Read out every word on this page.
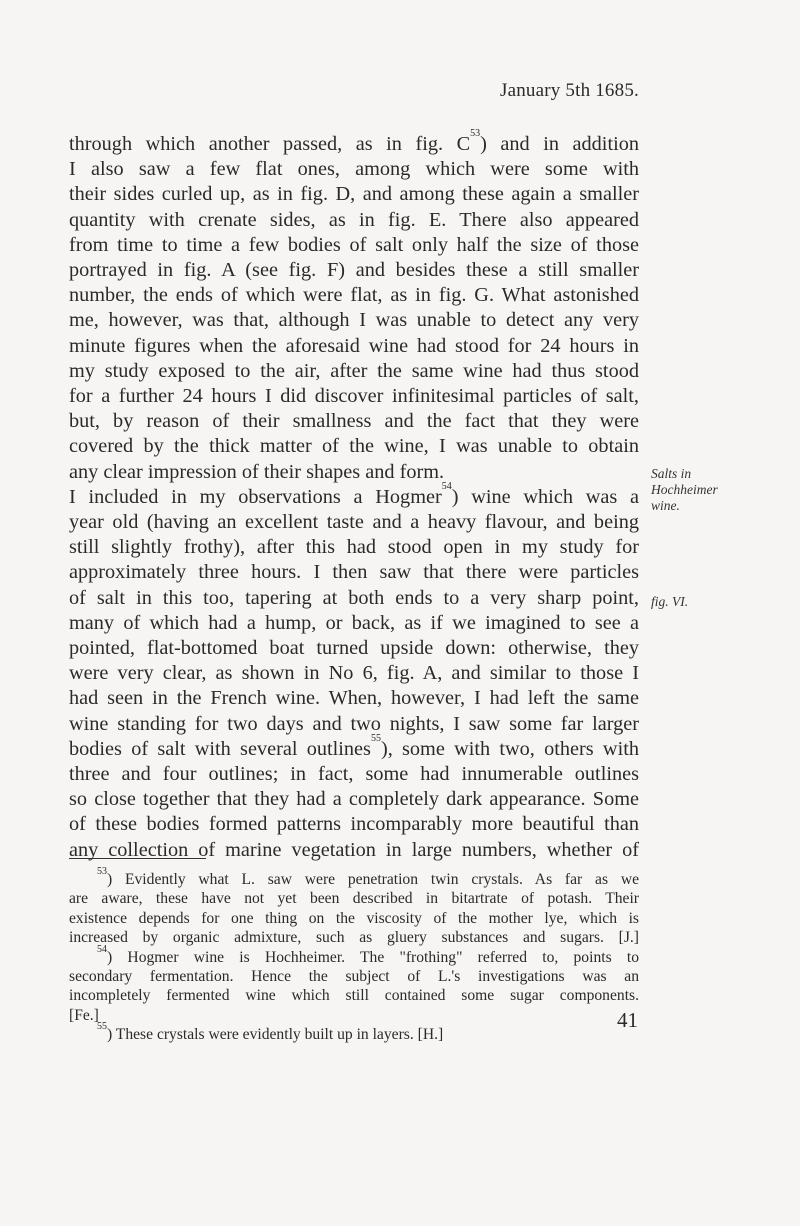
January 5th 1685.
through which another passed, as in fig. $C^{53}$) and in addition
I also saw a few flat ones, among which were some with
their sides curled up, as in fig. D, and among these again a smaller
quantity with crenate sides, as in fig. E. There also appeared
from time to time a few bodies of salt only half the size of those
portrayed in fig. A (see fig. F) and besides these a still smaller
number, the ends of which were flat, as in fig. G. What astonished
me, however, was that, although I was unable to detect any very
minute figures when the aforesaid wine had stood for 24 hours in
my study exposed to the air, after the same wine had thus stood
for a further 24 hours I did discover infinitesimal particles of salt,
but, by reason of their smallness and the fact that they were
covered by the thick matter of the wine, I was unable to obtain
any clear impression of their shapes and form.
I included in my observations a Hogmer$^{54}$) wine which was a
year old (having an excellent taste and a heavy flavour, and being
still slightly frothy), after this had stood open in my study for
approximately three hours. I then saw that there were particles
of salt in this too, tapering at both ends to a very sharp point,
many of which had a hump, or back, as if we imagined to see a
pointed, flat-bottomed boat turned upside down: otherwise, they
were very clear, as shown in No 6, fig. A, and similar to those I
had seen in the French wine. When, however, I had left the same
wine standing for two days and two nights, I saw some far larger
bodies of salt with several outlines$^{55}$), some with two, others with
three and four outlines; in fact, some had innumerable outlines
so close together that they had a completely dark appearance. Some
of these bodies formed patterns incomparably more beautiful than
any collection of marine vegetation in large numbers, whether of
Salts in
Hochheimer
wine.
fig. VI.
$^{53}$) Evidently what L. saw were penetration twin crystals. As far as we
are aware, these have not yet been described in bitartrate of potash. Their
existence depends for one thing on the viscosity of the mother lye, which is
increased by organic admixture, such as gluery substances and sugars. [J.]
$^{54}$) Hogmer wine is Hochheimer. The "frothing" referred to, points to
secondary fermentation. Hence the subject of L.'s investigations was an
incompletely fermented wine which still contained some sugar components.
[Fe.]
$^{55}$) These crystals were evidently built up in layers. [H.]
41
